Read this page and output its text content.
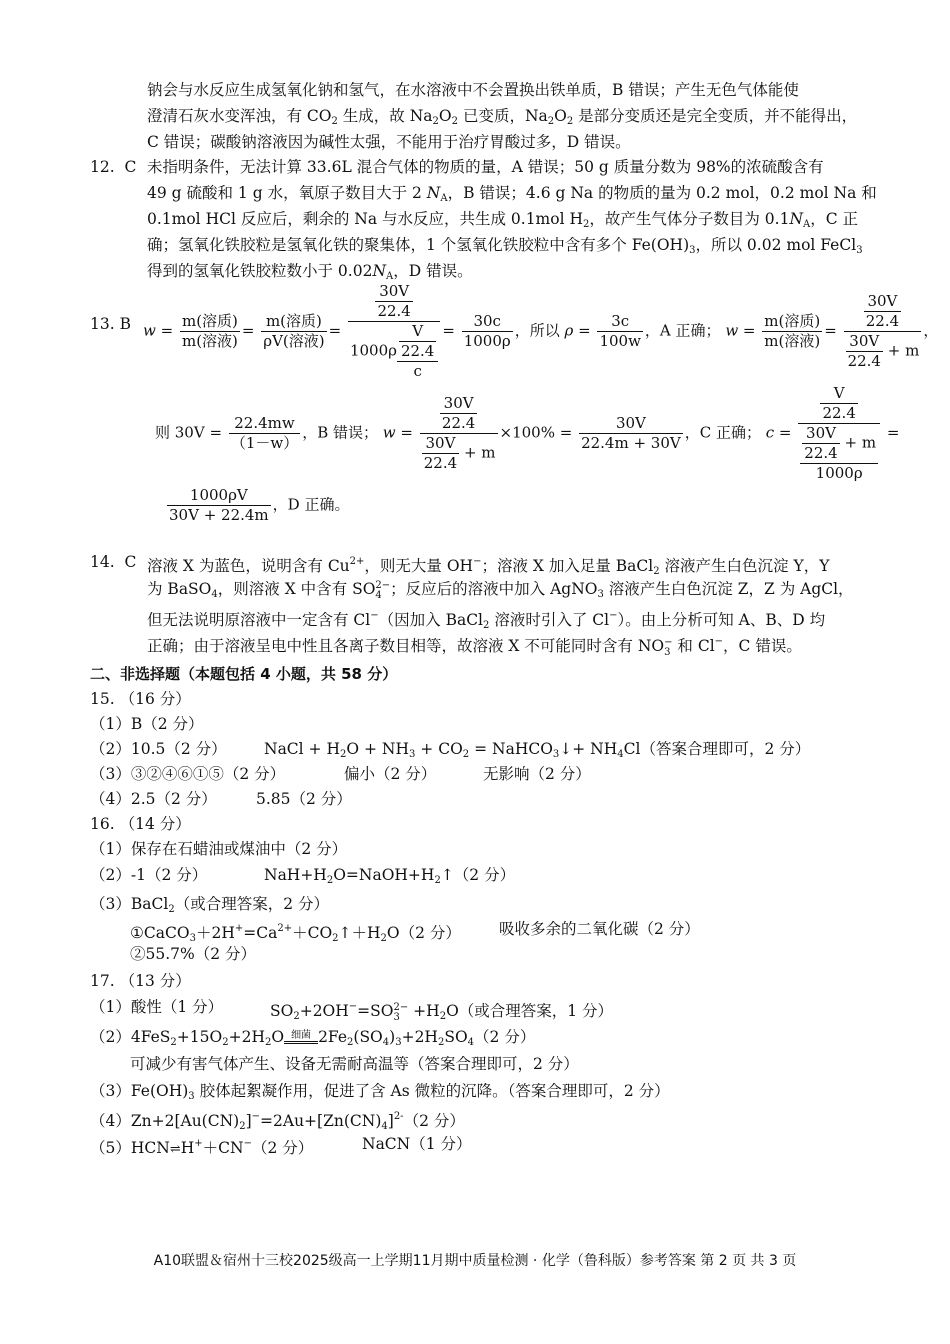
钠会与水反应生成氢氧化钠和氢气，在水溶液中不会置换出铁单质，B 错误；产生无色气体能使
澄清石灰水变浑浊，有 $CO_2$ 生成，故 $Na_2O_2$ 已变质，$Na_2O_2$ 是部分变质还是完全变质，并不能得出，
C 错误；碳酸钠溶液因为碱性太强，不能用于治疗胃酸过多，D 错误。
12. C 未指明条件，无法计算 33.6L 混合气体的物质的量，A 错误；50 g 质量分数为 98%的浓硫酸含有
49 g 硫酸和 1 g 水，氧原子数目大于 2 $N_A$，B 错误；4.6 g Na 的物质的量为 0.2 mol，0.2 mol Na 和
0.1mol HCl 反应后，剩余的 Na 与水反应，共生成 0.1mol $H_2$，故产生气体分子数目为 $0.1N_A$，C 正
确；氢氧化铁胶粒是氢氧化铁的聚集体，1 个氢氧化铁胶粒中含有多个 $Fe(OH)_3$，所以 0.02 mol FeCl$_3$
得到的氢氧化铁胶粒数小于 $0.02N_A$，D 错误。
13. B $w = \frac{\text{m(溶质)}}{\text{m(溶液)}} = \frac{\text{m(溶质)}}{\text{ρV(溶液)}} = \frac{\frac{30V}{22.4}}{1000\rho \frac{\frac{V}{22.4}}{c}} = \frac{30c}{1000\rho}$ ，所以 $\rho = \frac{3c}{100w}$ ，A 正确； $w = \frac{\text{m(溶质)}}{\text{m(溶液)}} = \frac{\frac{30V}{22.4}}{\frac{30V}{22.4} + m}$ ，
则 $30V = \frac{22.4mw}{(1-w)}$ ，B 错误； $w = \frac{\frac{30V}{22.4}}{\frac{30V}{22.4} + m} \times 100\% = \frac{30V}{22.4m + 30V}$ ，C 正确； $c = \frac{\frac{V}{22.4}}{\frac{\frac{30V}{22.4} + m}{1000\rho}}$ =
$\frac{1000\rho V}{30V + 22.4m}$ ，D 正确。
14. C 溶液 X 为蓝色，说明含有 $Cu^{2+}$，则无大量 OH−；溶液 X 加入足量 BaCl$_2$ 溶液产生白色沉淀 Y，Y
为 BaSO$_4$，则溶液 X 中含有 SO 2−
4 ；反应后的溶液中加入 AgNO$_3$ 溶液产生白色沉淀 Z，Z 为 AgCl，
但无法说明原溶液中一定含有 Cl−（因加入 BaCl$_2$ 溶液时引入了 Cl−）。由上分析可知 A、B、D 均
正确；由于溶液呈电中性且各离子数目相等，故溶液 X 不可能同时含有 NO −
3 和 Cl−，C 错误。
二、非选择题（本题包括 4 小题，共 58 分）
15. （16 分）
（1）B（2 分）
（2）10.5（2 分） NaCl + $H_2O + NH_3 + CO_2$ = NaHCO$_3$↓+ $NH_4Cl$（答案合理即可，2 分）
（3）③②④⑥①⑤（2 分）	偏小（2 分）	无影响（2 分）
（4）2.5（2 分）	5.85（2 分）
16. （14 分）
（1）保存在石蜡油或煤油中（2 分）
（2）-1（2 分）	$NaH+H_2O=NaOH+H_2↑(2$ 分）
（3）BaCl$_2$（或合理答案，2 分）
$①CaCO_3+2H^+=Ca^{2+}+CO_2↑+H_2O(2$ 分） 吸收多余的二氧化碳（2 分）
②55.7%（2 分）
17. （13 分）
（1）酸性（1 分）	$SO_2+2OH^-=SO$ 2−
$3 +H_2O$（或合理答案，1 分）
$(2)4FeS_2+15O_2+2H_2O$ 细菌 $2Fe_2(SO_4)_3+2H_2SO_4(2$ 分）
可减少有害气体产生、设备无需耐高温等（答案合理即可，2 分）
$(3)Fe(OH)_3$ 胶体起絮凝作用，促进了含 As 微粒的沉降。（答案合理即可，2 分）
$(4)Zn+2[Au(CN)_2]^-=2Au+[Zn(CN)_4]^{2-}(2$ 分）
（5）HCN⇌H+＋CN−（2 分）	NaCN（1 分）
A10联盟＆宿州十三校2025级高一上学期11月期中质量检测 · 化学（鲁科版）参考答案 第 2 页 共 3 页
